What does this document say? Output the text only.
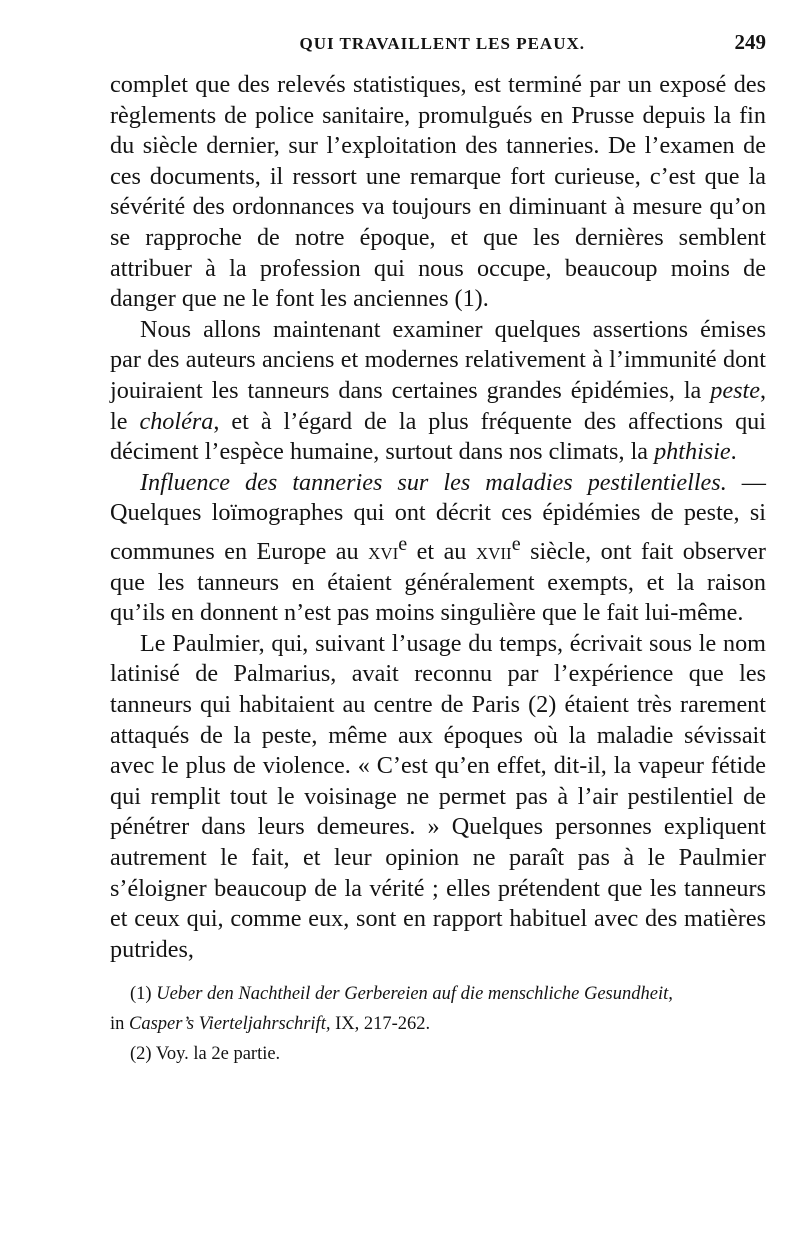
QUI TRAVAILLENT LES PEAUX.	249

complet que des relevés statistiques, est terminé par un exposé des règlements de police sanitaire, promulgués en Prusse depuis la fin du siècle dernier, sur l’exploitation des tanneries. De l’examen de ces documents, il ressort une remarque fort curieuse, c’est que la sévérité des ordonnances va toujours en diminuant à mesure qu’on se rapproche de notre époque, et que les dernières semblent attribuer à la profession qui nous occupe, beaucoup moins de danger que ne le font les anciennes (1).

Nous allons maintenant examiner quelques assertions émises par des auteurs anciens et modernes relativement à l’immunité dont jouiraient les tanneurs dans certaines grandes épidémies, la peste, le choléra, et à l’égard de la plus fréquente des affections qui déciment l’espèce humaine, surtout dans nos climats, la phthisie.

Influence des tanneries sur les maladies pestilentielles. — Quelques loïmographes qui ont décrit ces épidémies de peste, si communes en Europe au xvi$^e$ et au xvii$^e$ siècle, ont fait observer que les tanneurs en étaient généralement exempts, et la raison qu’ils en donnent n’est pas moins singulière que le fait lui-même.

Le Paulmier, qui, suivant l’usage du temps, écrivait sous le nom latinisé de Palmarius, avait reconnu par l’expérience que les tanneurs qui habitaient au centre de Paris (2) étaient très rarement attaqués de la peste, même aux époques où la maladie sévissait avec le plus de violence. « C’est qu’en effet, dit-il, la vapeur fétide qui remplit tout le voisinage ne permet pas à l’air pestilentiel de pénétrer dans leurs demeures. » Quelques personnes expliquent autrement le fait, et leur opinion ne paraît pas à le Paulmier s’éloigner beaucoup de la vérité ; elles prétendent que les tanneurs et ceux qui, comme eux, sont en rapport habituel avec des matières putrides,

(1) Ueber den Nachtheil der Gerbereien auf die menschliche Gesundheit,

in Casper’s Vierteljahrschrift, IX, 217-262.

(2) Voy. la 2e partie.
